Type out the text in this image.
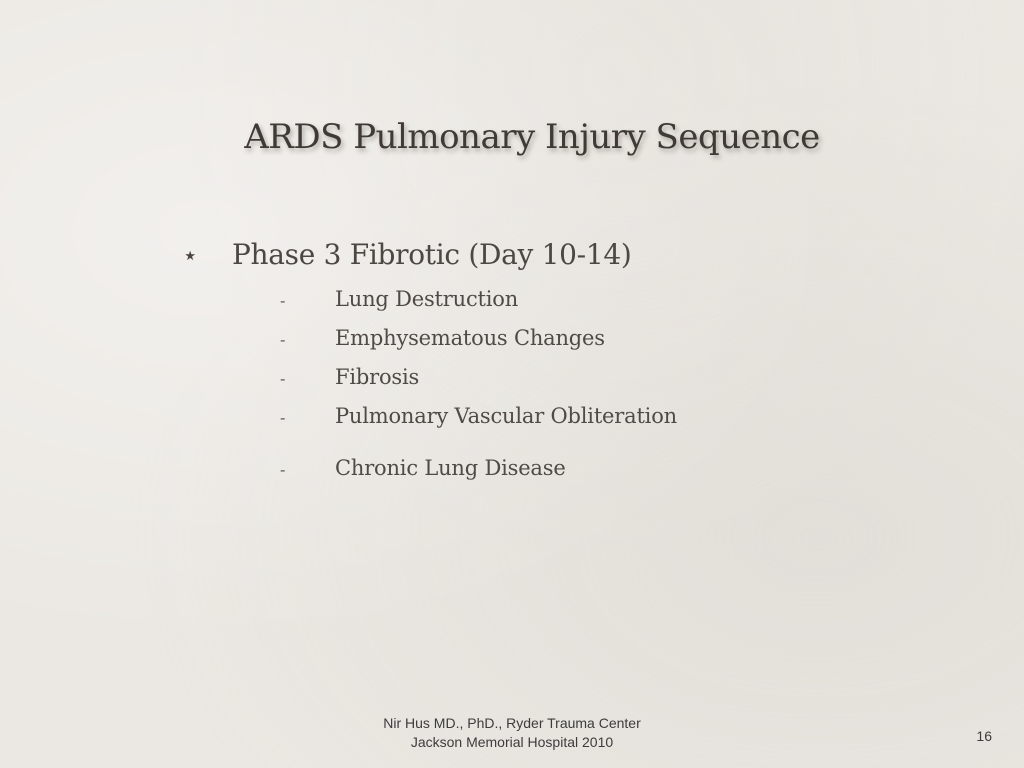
ARDS Pulmonary Injury Sequence
⋆	Phase 3 Fibrotic (Day 10-14)
-	Lung Destruction
-	Emphysematous Changes
-	Fibrosis
-	Pulmonary Vascular Obliteration
-	Chronic Lung Disease
Nir Hus MD., PhD., Ryder Trauma Center
Jackson Memorial Hospital 2010	16
